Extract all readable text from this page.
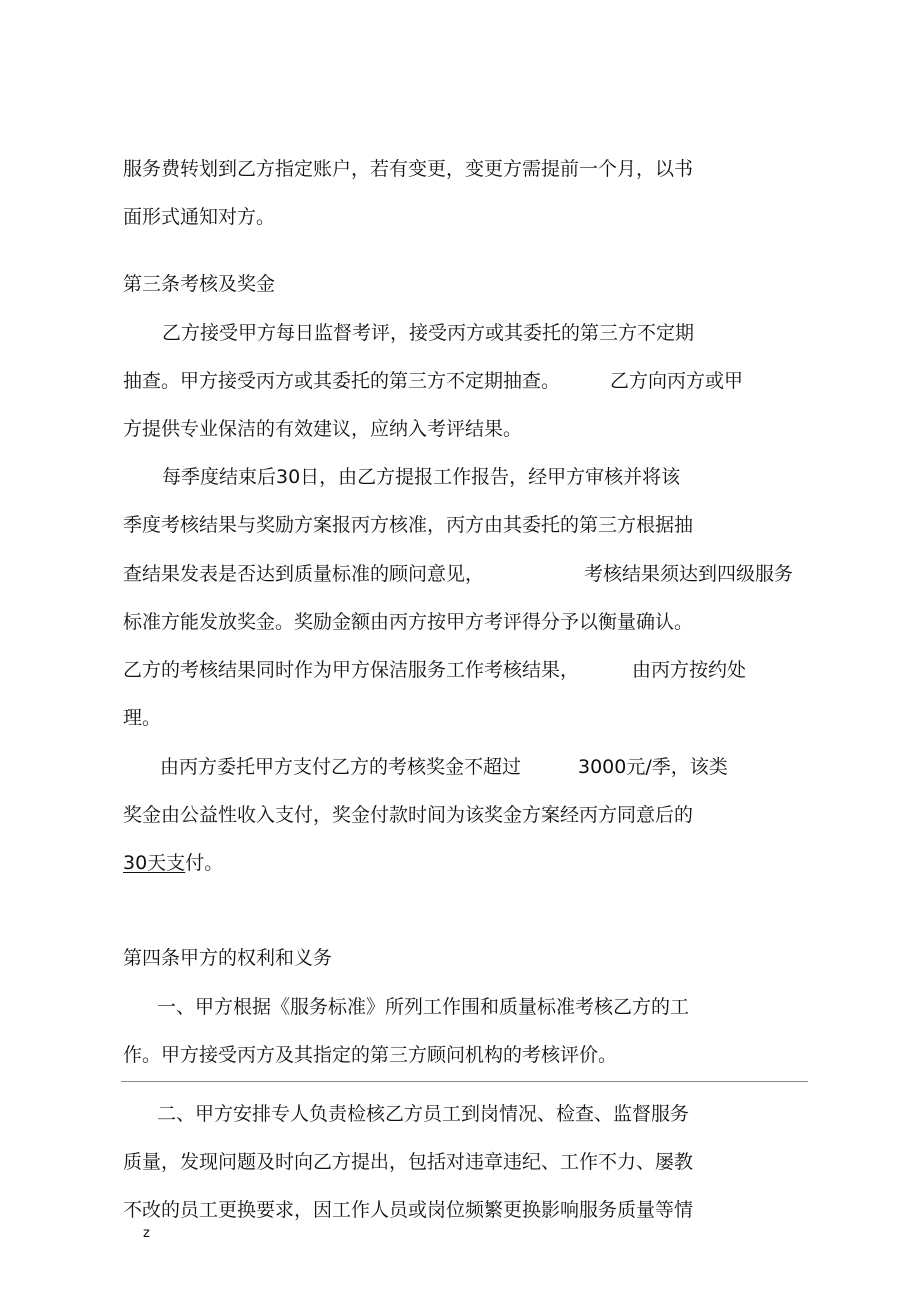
服务费转划到乙方指定账户，若有变更，变更方需提前一个月，以书

面形式通知对方。

第三条考核及奖金

乙方接受甲方每日监督考评，接受丙方或其委托的第三方不定期

抽查。甲方接受丙方或其委托的第三方不定期抽查。	乙方向丙方或甲

方提供专业保洁的有效建议，应纳入考评结果。

每季度结束后30日，由乙方提报工作报告，经甲方审核并将该

季度考核结果与奖励方案报丙方核准，丙方由其委托的第三方根据抽

查结果发表是否达到质量标准的顾问意见，	考核结果须达到四级服务

标准方能发放奖金。奖励金额由丙方按甲方考评得分予以衡量确认。

乙方的考核结果同时作为甲方保洁服务工作考核结果，	由丙方按约处

理。

由丙方委托甲方支付乙方的考核奖金不超过	3000元/季，该类

奖金由公益性收入支付，奖金付款时间为该奖金方案经丙方同意后的

30天支付。

第四条甲方的权利和义务

一、甲方根据《服务标准》所列工作围和质量标准考核乙方的工

作。甲方接受丙方及其指定的第三方顾问机构的考核评价。

二、甲方安排专人负责检核乙方员工到岗情况、检查、监督服务

质量，发现问题及时向乙方提出，包括对违章违纪、工作不力、屡教

不改的员工更换要求，因工作人员或岗位频繁更换影响服务质量等情

z
